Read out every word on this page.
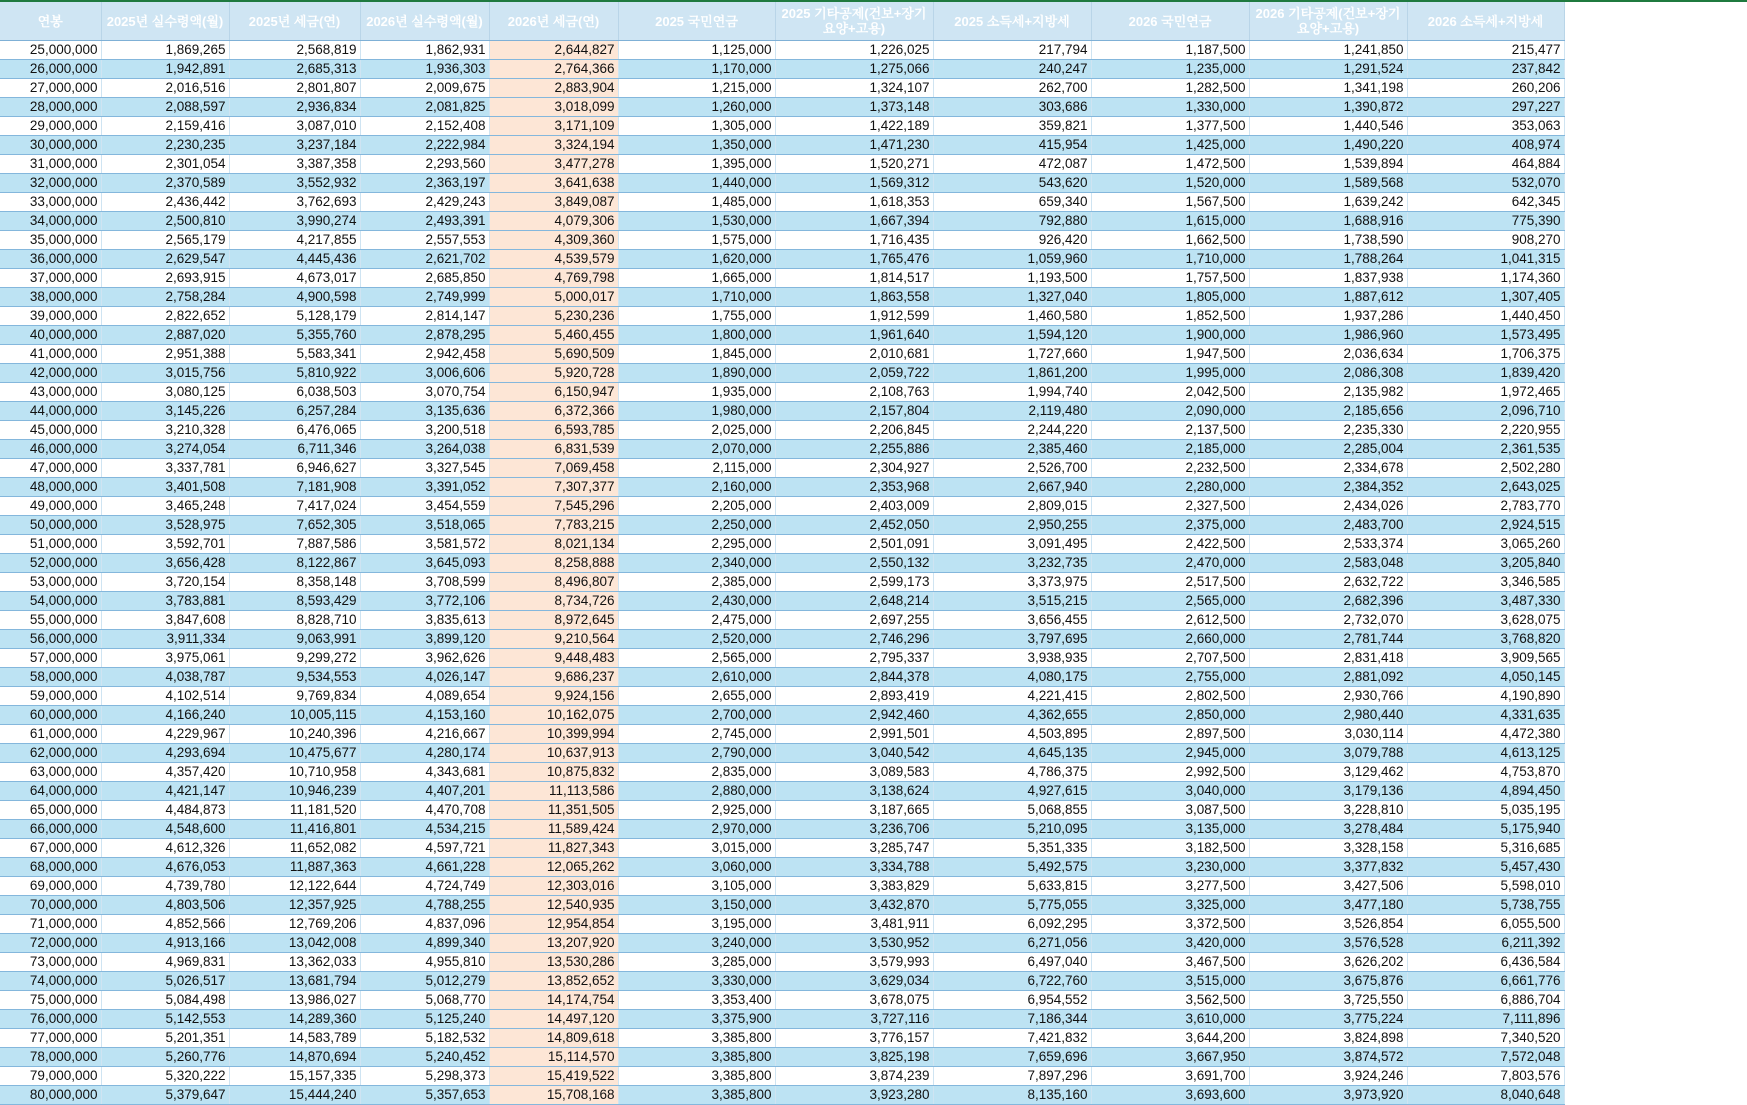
연봉	2025년 실수령액(월)	2025년 세금(연)	2026년 실수령액(월)	2026년 세금(연)	2025 국민연금	2025 기타공제(건보+장기요양+고용)	2025 소득세+지방세	2026 국민연금	2026 기타공제(건보+장기요양+고용)	2026 소득세+지방세
25,000,000	1,869,265	2,568,819	1,862,931	2,644,827	1,125,000	1,226,025	217,794	1,187,500	1,241,850	215,477
26,000,000	1,942,891	2,685,313	1,936,303	2,764,366	1,170,000	1,275,066	240,247	1,235,000	1,291,524	237,842
27,000,000	2,016,516	2,801,807	2,009,675	2,883,904	1,215,000	1,324,107	262,700	1,282,500	1,341,198	260,206
28,000,000	2,088,597	2,936,834	2,081,825	3,018,099	1,260,000	1,373,148	303,686	1,330,000	1,390,872	297,227
29,000,000	2,159,416	3,087,010	2,152,408	3,171,109	1,305,000	1,422,189	359,821	1,377,500	1,440,546	353,063
30,000,000	2,230,235	3,237,184	2,222,984	3,324,194	1,350,000	1,471,230	415,954	1,425,000	1,490,220	408,974
31,000,000	2,301,054	3,387,358	2,293,560	3,477,278	1,395,000	1,520,271	472,087	1,472,500	1,539,894	464,884
32,000,000	2,370,589	3,552,932	2,363,197	3,641,638	1,440,000	1,569,312	543,620	1,520,000	1,589,568	532,070
33,000,000	2,436,442	3,762,693	2,429,243	3,849,087	1,485,000	1,618,353	659,340	1,567,500	1,639,242	642,345
34,000,000	2,500,810	3,990,274	2,493,391	4,079,306	1,530,000	1,667,394	792,880	1,615,000	1,688,916	775,390
35,000,000	2,565,179	4,217,855	2,557,553	4,309,360	1,575,000	1,716,435	926,420	1,662,500	1,738,590	908,270
36,000,000	2,629,547	4,445,436	2,621,702	4,539,579	1,620,000	1,765,476	1,059,960	1,710,000	1,788,264	1,041,315
37,000,000	2,693,915	4,673,017	2,685,850	4,769,798	1,665,000	1,814,517	1,193,500	1,757,500	1,837,938	1,174,360
38,000,000	2,758,284	4,900,598	2,749,999	5,000,017	1,710,000	1,863,558	1,327,040	1,805,000	1,887,612	1,307,405
39,000,000	2,822,652	5,128,179	2,814,147	5,230,236	1,755,000	1,912,599	1,460,580	1,852,500	1,937,286	1,440,450
40,000,000	2,887,020	5,355,760	2,878,295	5,460,455	1,800,000	1,961,640	1,594,120	1,900,000	1,986,960	1,573,495
41,000,000	2,951,388	5,583,341	2,942,458	5,690,509	1,845,000	2,010,681	1,727,660	1,947,500	2,036,634	1,706,375
42,000,000	3,015,756	5,810,922	3,006,606	5,920,728	1,890,000	2,059,722	1,861,200	1,995,000	2,086,308	1,839,420
43,000,000	3,080,125	6,038,503	3,070,754	6,150,947	1,935,000	2,108,763	1,994,740	2,042,500	2,135,982	1,972,465
44,000,000	3,145,226	6,257,284	3,135,636	6,372,366	1,980,000	2,157,804	2,119,480	2,090,000	2,185,656	2,096,710
45,000,000	3,210,328	6,476,065	3,200,518	6,593,785	2,025,000	2,206,845	2,244,220	2,137,500	2,235,330	2,220,955
46,000,000	3,274,054	6,711,346	3,264,038	6,831,539	2,070,000	2,255,886	2,385,460	2,185,000	2,285,004	2,361,535
47,000,000	3,337,781	6,946,627	3,327,545	7,069,458	2,115,000	2,304,927	2,526,700	2,232,500	2,334,678	2,502,280
48,000,000	3,401,508	7,181,908	3,391,052	7,307,377	2,160,000	2,353,968	2,667,940	2,280,000	2,384,352	2,643,025
49,000,000	3,465,248	7,417,024	3,454,559	7,545,296	2,205,000	2,403,009	2,809,015	2,327,500	2,434,026	2,783,770
50,000,000	3,528,975	7,652,305	3,518,065	7,783,215	2,250,000	2,452,050	2,950,255	2,375,000	2,483,700	2,924,515
51,000,000	3,592,701	7,887,586	3,581,572	8,021,134	2,295,000	2,501,091	3,091,495	2,422,500	2,533,374	3,065,260
52,000,000	3,656,428	8,122,867	3,645,093	8,258,888	2,340,000	2,550,132	3,232,735	2,470,000	2,583,048	3,205,840
53,000,000	3,720,154	8,358,148	3,708,599	8,496,807	2,385,000	2,599,173	3,373,975	2,517,500	2,632,722	3,346,585
54,000,000	3,783,881	8,593,429	3,772,106	8,734,726	2,430,000	2,648,214	3,515,215	2,565,000	2,682,396	3,487,330
55,000,000	3,847,608	8,828,710	3,835,613	8,972,645	2,475,000	2,697,255	3,656,455	2,612,500	2,732,070	3,628,075
56,000,000	3,911,334	9,063,991	3,899,120	9,210,564	2,520,000	2,746,296	3,797,695	2,660,000	2,781,744	3,768,820
57,000,000	3,975,061	9,299,272	3,962,626	9,448,483	2,565,000	2,795,337	3,938,935	2,707,500	2,831,418	3,909,565
58,000,000	4,038,787	9,534,553	4,026,147	9,686,237	2,610,000	2,844,378	4,080,175	2,755,000	2,881,092	4,050,145
59,000,000	4,102,514	9,769,834	4,089,654	9,924,156	2,655,000	2,893,419	4,221,415	2,802,500	2,930,766	4,190,890
60,000,000	4,166,240	10,005,115	4,153,160	10,162,075	2,700,000	2,942,460	4,362,655	2,850,000	2,980,440	4,331,635
61,000,000	4,229,967	10,240,396	4,216,667	10,399,994	2,745,000	2,991,501	4,503,895	2,897,500	3,030,114	4,472,380
62,000,000	4,293,694	10,475,677	4,280,174	10,637,913	2,790,000	3,040,542	4,645,135	2,945,000	3,079,788	4,613,125
63,000,000	4,357,420	10,710,958	4,343,681	10,875,832	2,835,000	3,089,583	4,786,375	2,992,500	3,129,462	4,753,870
64,000,000	4,421,147	10,946,239	4,407,201	11,113,586	2,880,000	3,138,624	4,927,615	3,040,000	3,179,136	4,894,450
65,000,000	4,484,873	11,181,520	4,470,708	11,351,505	2,925,000	3,187,665	5,068,855	3,087,500	3,228,810	5,035,195
66,000,000	4,548,600	11,416,801	4,534,215	11,589,424	2,970,000	3,236,706	5,210,095	3,135,000	3,278,484	5,175,940
67,000,000	4,612,326	11,652,082	4,597,721	11,827,343	3,015,000	3,285,747	5,351,335	3,182,500	3,328,158	5,316,685
68,000,000	4,676,053	11,887,363	4,661,228	12,065,262	3,060,000	3,334,788	5,492,575	3,230,000	3,377,832	5,457,430
69,000,000	4,739,780	12,122,644	4,724,749	12,303,016	3,105,000	3,383,829	5,633,815	3,277,500	3,427,506	5,598,010
70,000,000	4,803,506	12,357,925	4,788,255	12,540,935	3,150,000	3,432,870	5,775,055	3,325,000	3,477,180	5,738,755
71,000,000	4,852,566	12,769,206	4,837,096	12,954,854	3,195,000	3,481,911	6,092,295	3,372,500	3,526,854	6,055,500
72,000,000	4,913,166	13,042,008	4,899,340	13,207,920	3,240,000	3,530,952	6,271,056	3,420,000	3,576,528	6,211,392
73,000,000	4,969,831	13,362,033	4,955,810	13,530,286	3,285,000	3,579,993	6,497,040	3,467,500	3,626,202	6,436,584
74,000,000	5,026,517	13,681,794	5,012,279	13,852,652	3,330,000	3,629,034	6,722,760	3,515,000	3,675,876	6,661,776
75,000,000	5,084,498	13,986,027	5,068,770	14,174,754	3,353,400	3,678,075	6,954,552	3,562,500	3,725,550	6,886,704
76,000,000	5,142,553	14,289,360	5,125,240	14,497,120	3,375,900	3,727,116	7,186,344	3,610,000	3,775,224	7,111,896
77,000,000	5,201,351	14,583,789	5,182,532	14,809,618	3,385,800	3,776,157	7,421,832	3,644,200	3,824,898	7,340,520
78,000,000	5,260,776	14,870,694	5,240,452	15,114,570	3,385,800	3,825,198	7,659,696	3,667,950	3,874,572	7,572,048
79,000,000	5,320,222	15,157,335	5,298,373	15,419,522	3,385,800	3,874,239	7,897,296	3,691,700	3,924,246	7,803,576
80,000,000	5,379,647	15,444,240	5,357,653	15,708,168	3,385,800	3,923,280	8,135,160	3,693,600	3,973,920	8,040,648
